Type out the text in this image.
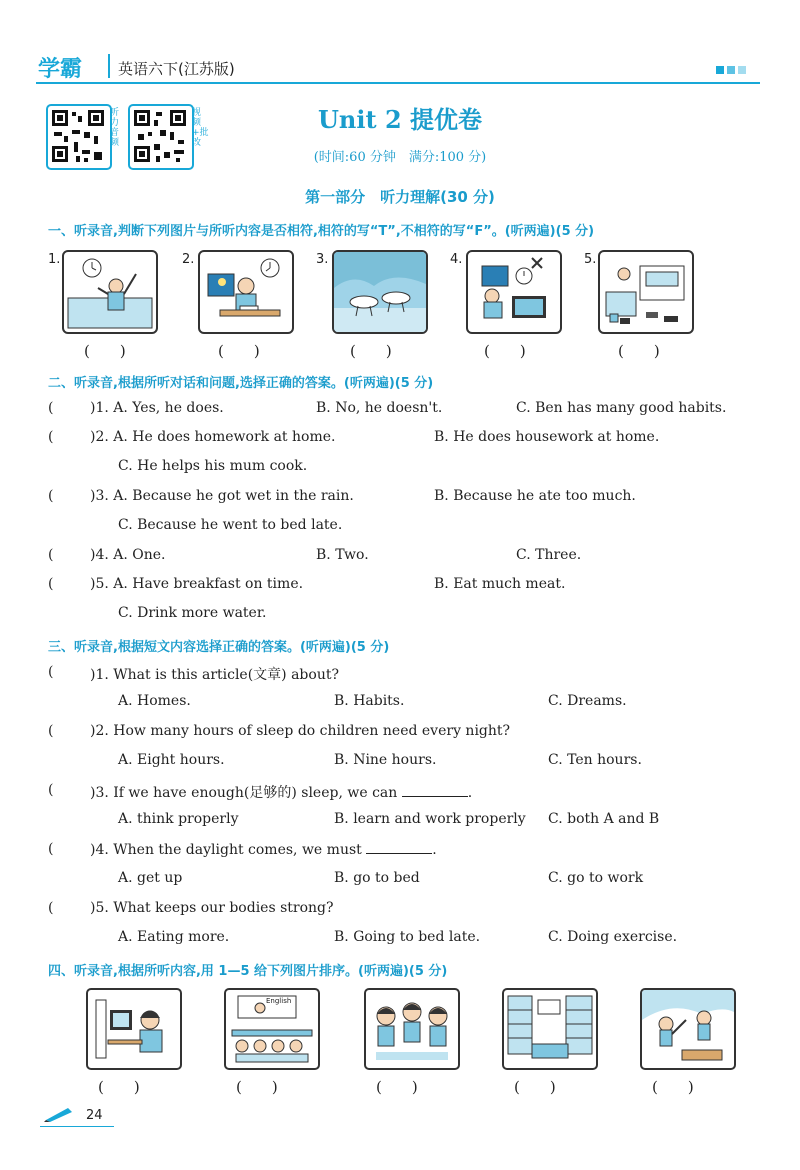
学霸 英语六下(江苏版)
听力音频
视频+批改
Unit 2 提优卷
(时间:60 分钟　满分:100 分)
第一部分　听力理解(30 分)
一、听录音,判断下列图片与所听内容是否相符,相符的写“T”,不相符的写“F”。(听两遍)(5 分)
1.	2.	3.	4.	5.
(　　)	(　　)	(　　)	(　　)	(　　)
二、听录音,根据所听对话和问题,选择正确的答案。(听两遍)(5 分)
(	)1. A. Yes, he does.	B. No, he doesn't.	C. Ben has many good habits.
(	)2. A. He does homework at home.	B. He does housework at home.
C. He helps his mum cook.
(	)3. A. Because he got wet in the rain.	B. Because he ate too much.
C. Because he went to bed late.
(	)4. A. One.	B. Two.	C. Three.
(	)5. A. Have breakfast on time.	B. Eat much meat.
C. Drink more water.
三、听录音,根据短文内容选择正确的答案。(听两遍)(5 分)
(	)1. What is this article(文章) about?
A. Homes.	B. Habits.	C. Dreams.
(	)2. How many hours of sleep do children need every night?
A. Eight hours.	B. Nine hours.	C. Ten hours.
(	)3. If we have enough(足够的) sleep, we can	.
A. think properly	B. learn and work properly C. both A and B
(	)4. When the daylight comes, we must	.
A. get up	B. go to bed	C. go to work
(	)5. What keeps our bodies strong?
A. Eating more.	B. Going to bed late.	C. Doing exercise.
四、听录音,根据所听内容,用 1—5 给下列图片排序。(听两遍)(5 分)
English
(　　)	(　　)	(　　)	(　　)	(　　)
24
